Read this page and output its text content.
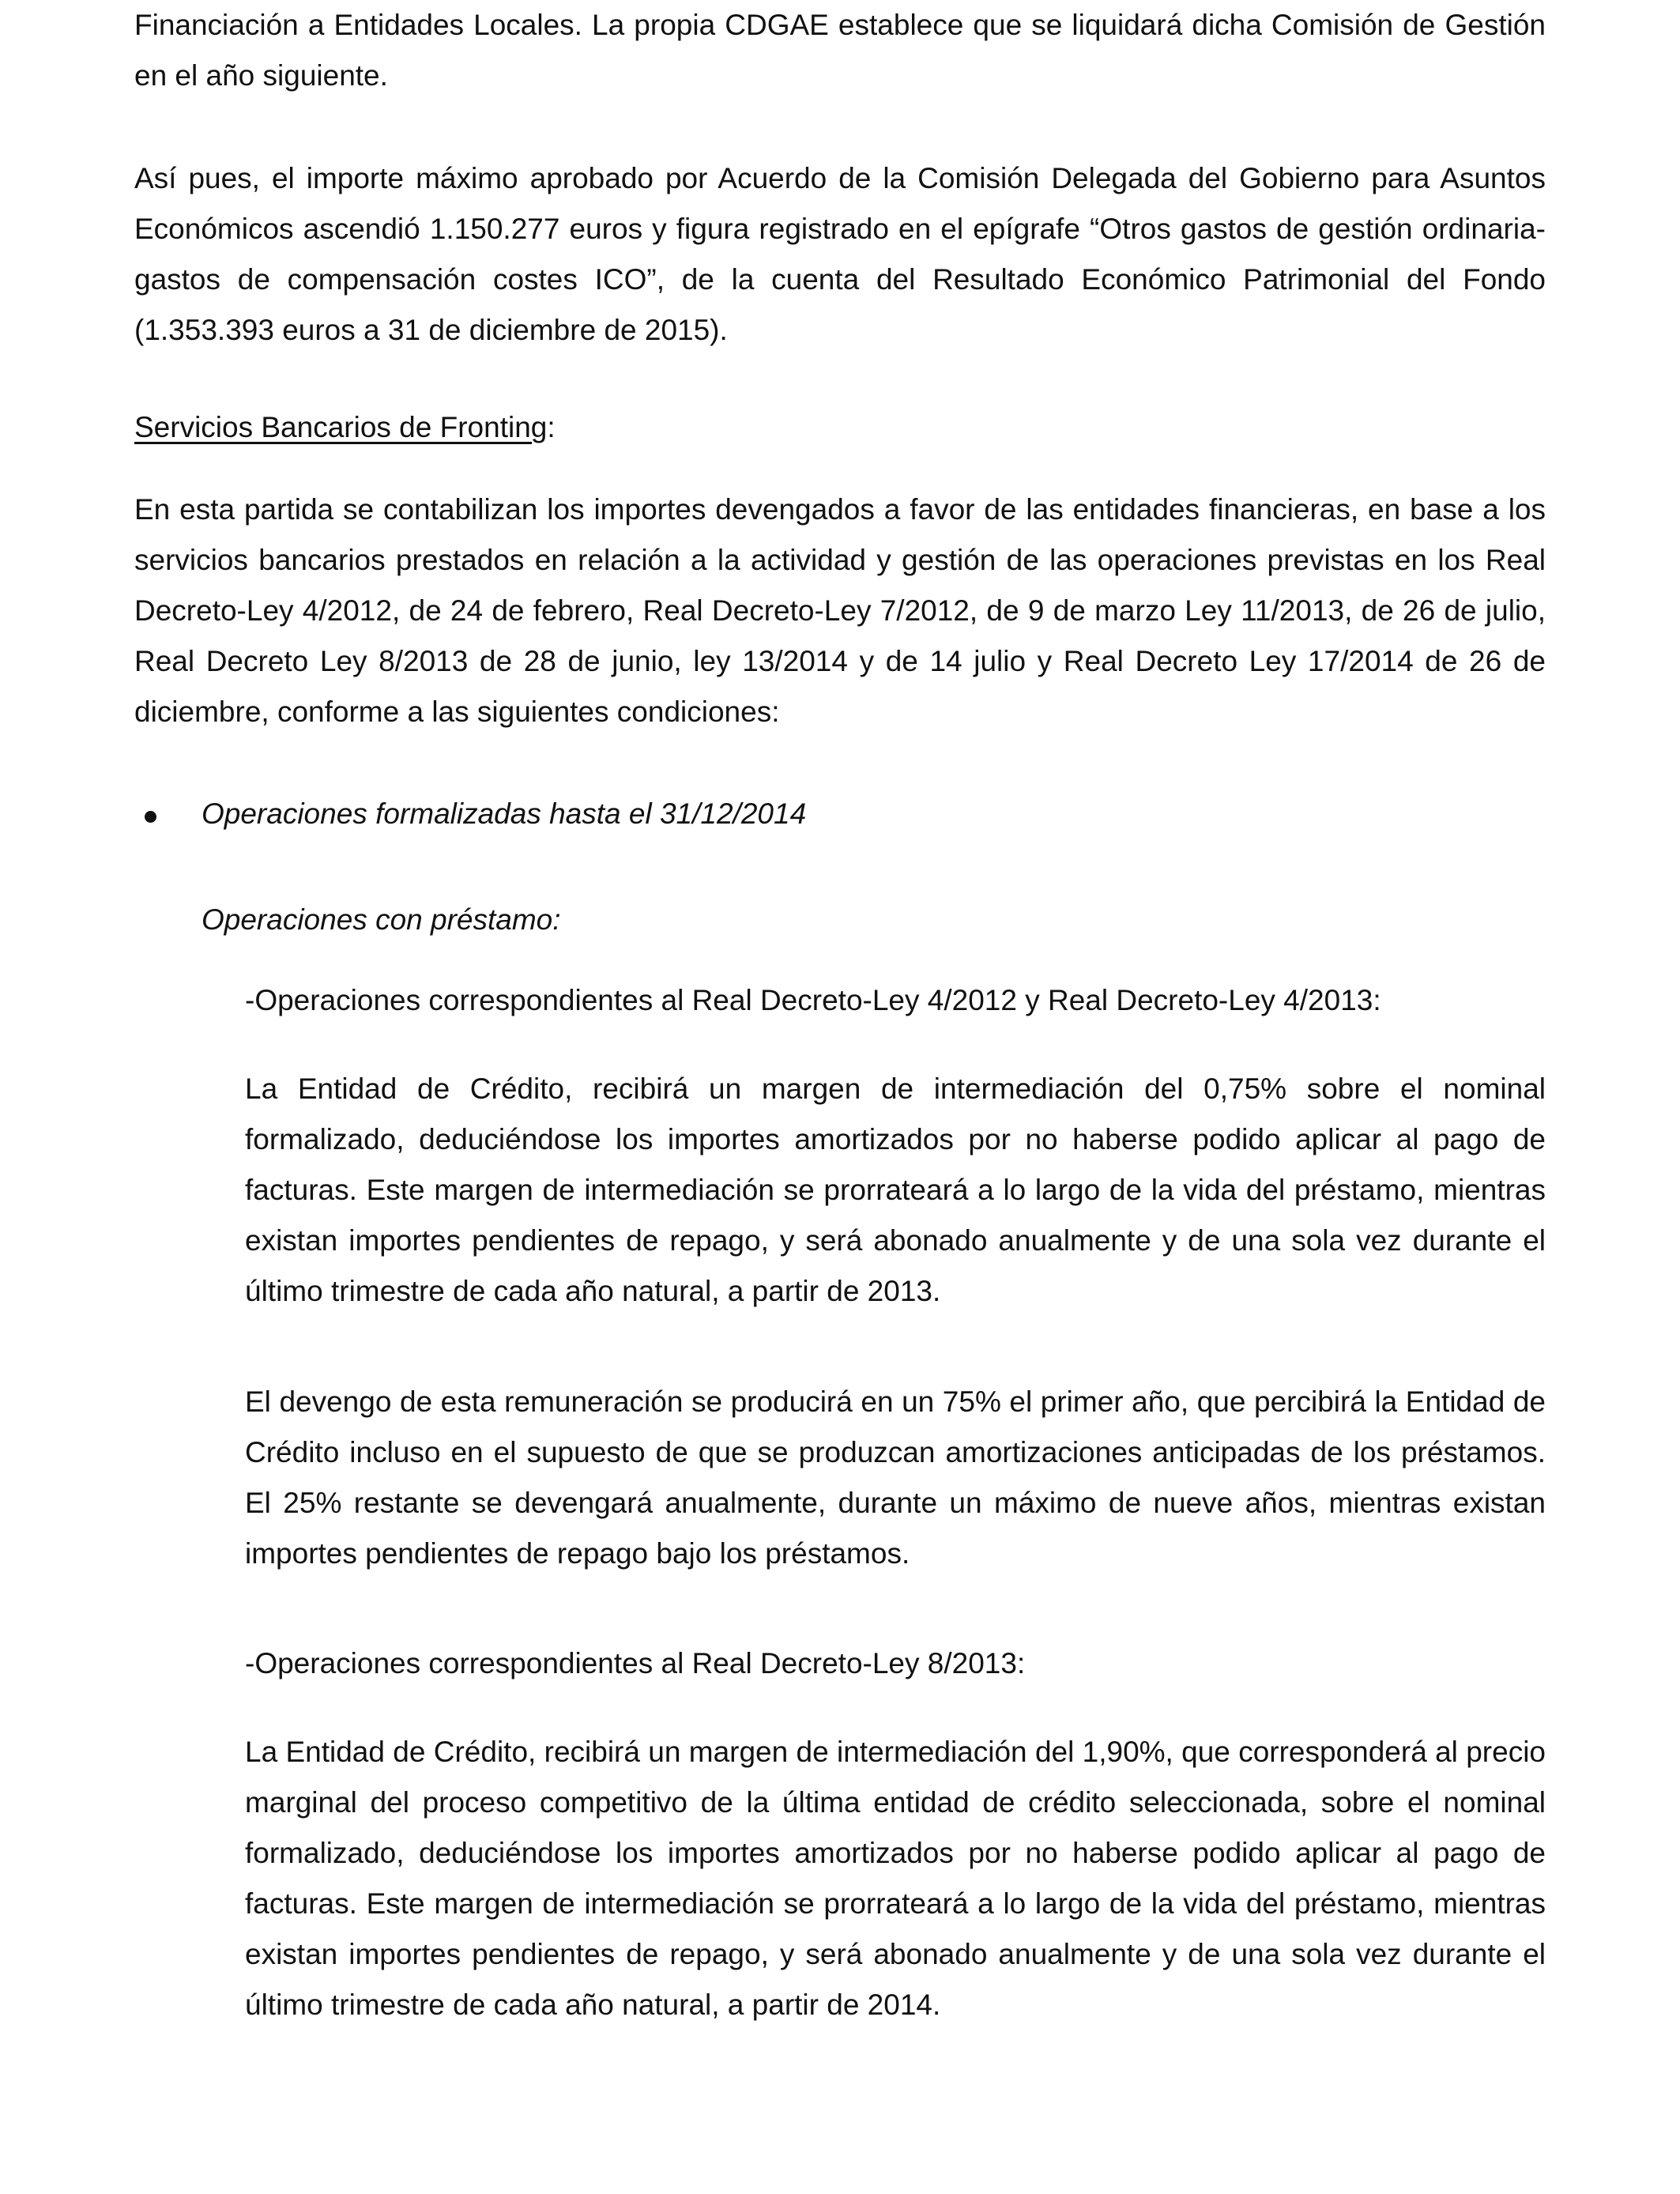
Financiación a Entidades Locales. La propia CDGAE establece que se liquidará dicha Comisión de Gestión en el año siguiente.

Así pues, el importe máximo aprobado por Acuerdo de la Comisión Delegada del Gobierno para Asuntos Económicos ascendió 1.150.277 euros y figura registrado en el epígrafe “Otros gastos de gestión ordinaria-gastos de compensación costes ICO”, de la cuenta del Resultado Económico Patrimonial del Fondo (1.353.393 euros a 31 de diciembre de 2015).

Servicios Bancarios de Fronting:

En esta partida se contabilizan los importes devengados a favor de las entidades financieras, en base a los servicios bancarios prestados en relación a la actividad y gestión de las operaciones previstas en los Real Decreto-Ley 4/2012, de 24 de febrero, Real Decreto-Ley 7/2012, de 9 de marzo Ley 11/2013, de 26 de julio, Real Decreto Ley 8/2013 de 28 de junio, ley 13/2014 y de 14 julio y Real Decreto Ley 17/2014 de 26 de diciembre, conforme a las siguientes condiciones:

Operaciones formalizadas hasta el 31/12/2014

Operaciones con préstamo:

-Operaciones correspondientes al Real Decreto-Ley 4/2012 y Real Decreto-Ley 4/2013:

La Entidad de Crédito, recibirá un margen de intermediación del 0,75% sobre el nominal formalizado, deduciéndose los importes amortizados por no haberse podido aplicar al pago de facturas. Este margen de intermediación se prorrateará a lo largo de la vida del préstamo, mientras existan importes pendientes de repago, y será abonado anualmente y de una sola vez durante el último trimestre de cada año natural, a partir de 2013.

El devengo de esta remuneración se producirá en un 75% el primer año, que percibirá la Entidad de Crédito incluso en el supuesto de que se produzcan amortizaciones anticipadas de los préstamos. El 25% restante se devengará anualmente, durante un máximo de nueve años, mientras existan importes pendientes de repago bajo los préstamos.

-Operaciones correspondientes al Real Decreto-Ley 8/2013:

La Entidad de Crédito, recibirá un margen de intermediación del 1,90%, que corresponderá al precio marginal del proceso competitivo de la última entidad de crédito seleccionada, sobre el nominal formalizado, deduciéndose los importes amortizados por no haberse podido aplicar al pago de facturas. Este margen de intermediación se prorrateará a lo largo de la vida del préstamo, mientras existan importes pendientes de repago, y será abonado anualmente y de una sola vez durante el último trimestre de cada año natural, a partir de 2014.
